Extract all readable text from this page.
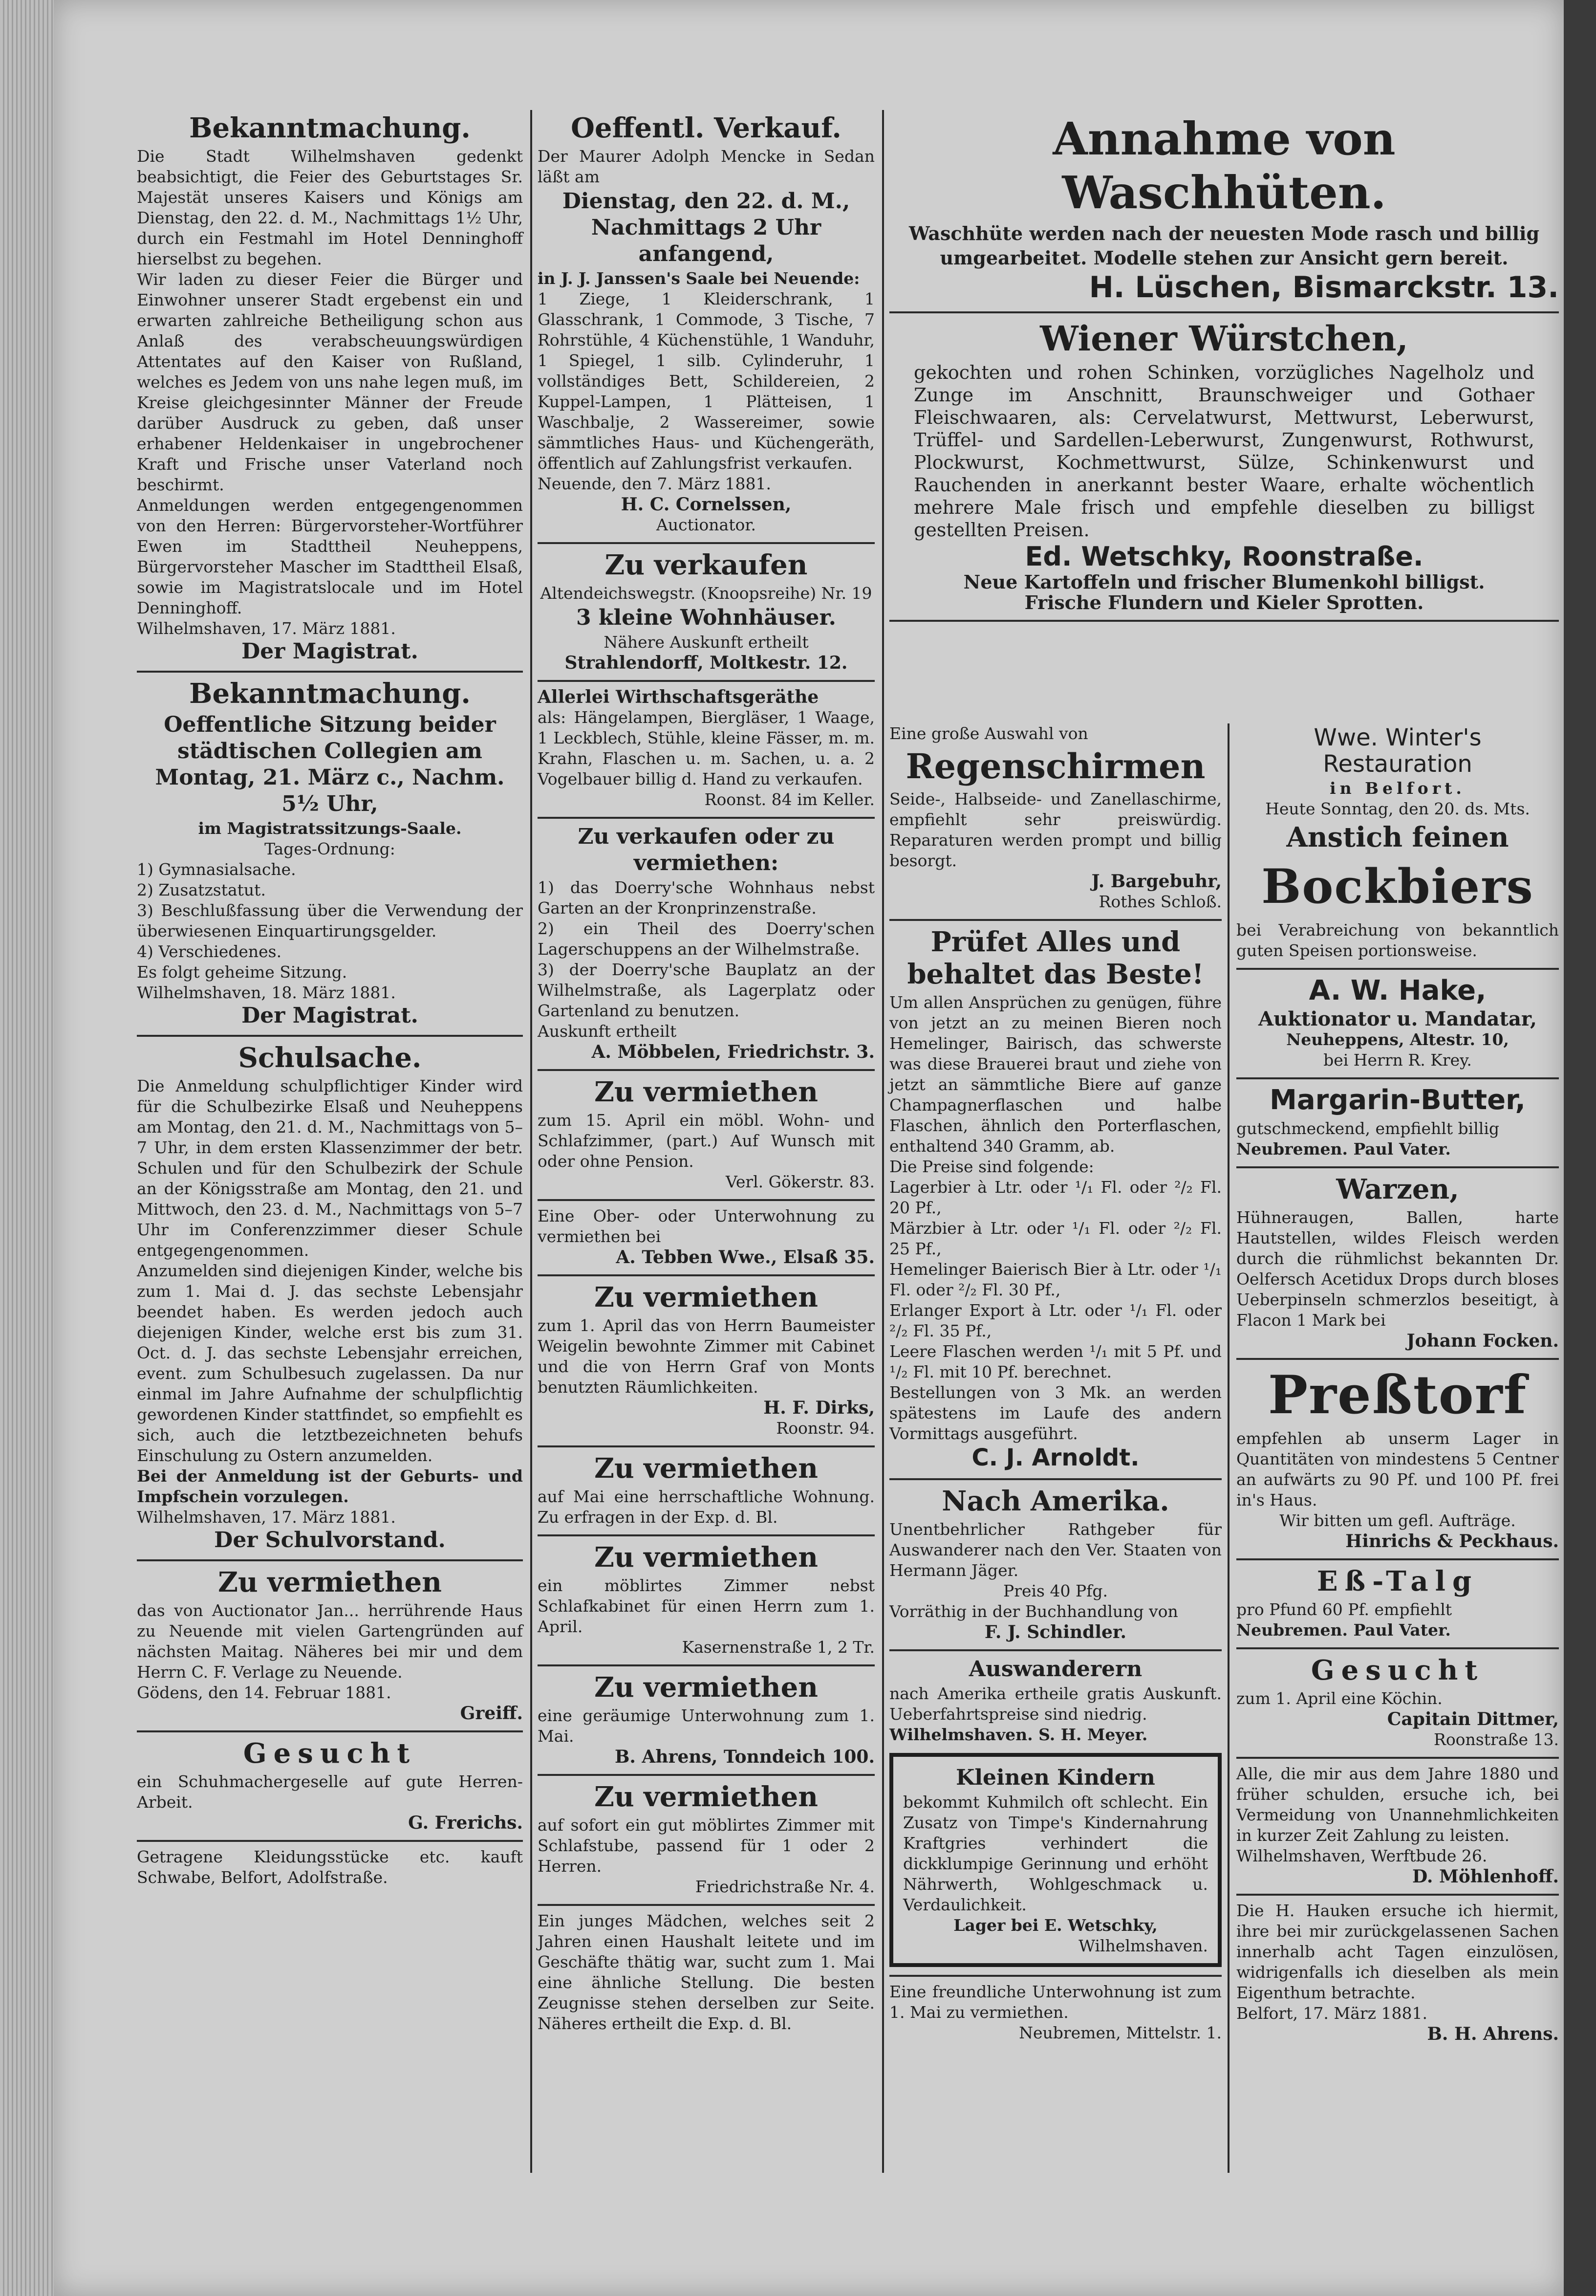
Bekanntmachung.

Die Stadt Wilhelmshaven gedenkt beabsichtigt, die Feier des Geburtstages Sr. Majestät unseres Kaisers und Königs am Dienstag, den 22. d. M., Nachmittags 1½ Uhr, durch ein Festmahl im Hotel Denninghoff hierselbst zu begehen.

Wir laden zu dieser Feier die Bürger und Einwohner unserer Stadt ergebenst ein und erwarten zahlreiche Betheiligung schon aus Anlaß des verabscheuungswürdigen Attentates auf den Kaiser von Rußland, welches es Jedem von uns nahe legen muß, im Kreise gleichgesinnter Männer der Freude darüber Ausdruck zu geben, daß unser erhabener Heldenkaiser in ungebrochener Kraft und Frische unser Vaterland noch beschirmt.

Anmeldungen werden entgegengenommen von den Herren: Bürgervorsteher-Wortführer Ewen im Stadttheil Neuheppens, Bürgervorsteher Mascher im Stadttheil Elsaß, sowie im Magistratslocale und im Hotel Denninghoff.

Wilhelmshaven, 17. März 1881.

Der Magistrat.

Bekanntmachung.
Oeffentliche Sitzung beider städtischen Collegien am Montag, 21. März c., Nachm. 5½ Uhr,

im Magistratssitzungs-Saale.

Tages-Ordnung:

1) Gymnasialsache.
2) Zusatzstatut.
3) Beschlußfassung über die Verwendung der überwiesenen Einquartirungsgelder.
4) Verschiedenes.

Es folgt geheime Sitzung.

Wilhelmshaven, 18. März 1881.

Der Magistrat.

Schulsache.

Die Anmeldung schulpflichtiger Kinder wird für die Schulbezirke Elsaß und Neuheppens am Montag, den 21. d. M., Nachmittags von 5–7 Uhr, in dem ersten Klassenzimmer der betr. Schulen und für den Schulbezirk der Schule an der Königsstraße am Montag, den 21. und Mittwoch, den 23. d. M., Nachmittags von 5–7 Uhr im Conferenzzimmer dieser Schule entgegengenommen.

Anzumelden sind diejenigen Kinder, welche bis zum 1. Mai d. J. das sechste Lebensjahr beendet haben. Es werden jedoch auch diejenigen Kinder, welche erst bis zum 31. Oct. d. J. das sechste Lebensjahr erreichen, event. zum Schulbesuch zugelassen. Da nur einmal im Jahre Aufnahme der schulpflichtig gewordenen Kinder stattfindet, so empfiehlt es sich, auch die letztbezeichneten behufs Einschulung zu Ostern anzumelden.

Bei der Anmeldung ist der Geburts- und Impfschein vorzulegen.

Wilhelmshaven, 17. März 1881.

Der Schulvorstand.

Zu vermiethen

das von Auctionator Jan... herrührende Haus zu Neuende mit vielen Gartengründen auf nächsten Maitag. Näheres bei mir und dem Herrn C. F. Verlage zu Neuende.

Gödens, den 14. Februar 1881.

Greiff.

Gesucht

ein Schuhmachergeselle auf gute Herren-Arbeit.

G. Frerichs.

Getragene Kleidungsstücke etc. kauft Schwabe, Belfort, Adolfstraße.

Oeffentl. Verkauf.

Der Maurer Adolph Mencke in Sedan läßt am

Dienstag, den 22. d. M., Nachmittags 2 Uhr anfangend,

in J. J. Janssen's Saale bei Neuende:

1 Ziege, 1 Kleiderschrank, 1 Glasschrank, 1 Commode, 3 Tische, 7 Rohrstühle, 4 Küchenstühle, 1 Wanduhr, 1 Spiegel, 1 silb. Cylinderuhr, 1 vollständiges Bett, Schildereien, 2 Kuppel-Lampen, 1 Plätteisen, 1 Waschbalje, 2 Wassereimer, sowie sämmtliches Haus- und Küchengeräth, öffentlich auf Zahlungsfrist verkaufen.

Neuende, den 7. März 1881.

H. C. Cornelssen,

Auctionator.

Zu verkaufen

Altendeichswegstr. (Knoopsreihe) Nr. 19

3 kleine Wohnhäuser.

Nähere Auskunft ertheilt

Strahlendorff, Moltkestr. 12.

Allerlei Wirthschaftsgeräthe

als: Hängelampen, Biergläser, 1 Waage, 1 Leckblech, Stühle, kleine Fässer, m. m. Krahn, Flaschen u. m. Sachen, u. a. 2 Vogelbauer billig d. Hand zu verkaufen.

Roonst. 84 im Keller.

Zu verkaufen oder zu vermiethen:
1) das Doerry'sche Wohnhaus nebst Garten an der Kronprinzenstraße.
2) ein Theil des Doerry'schen Lagerschuppens an der Wilhelmstraße.
3) der Doerry'sche Bauplatz an der Wilhelmstraße, als Lagerplatz oder Gartenland zu benutzen.

Auskunft ertheilt

A. Möbbelen, Friedrichstr. 3.

Zu vermiethen

zum 15. April ein möbl. Wohn- und Schlafzimmer, (part.) Auf Wunsch mit oder ohne Pension.

Verl. Gökerstr. 83.

Eine Ober- oder Unterwohnung zu vermiethen bei

A. Tebben Wwe., Elsaß 35.

Zu vermiethen

zum 1. April das von Herrn Baumeister Weigelin bewohnte Zimmer mit Cabinet und die von Herrn Graf von Monts benutzten Räumlichkeiten.

H. F. Dirks,

Roonstr. 94.

Zu vermiethen

auf Mai eine herrschaftliche Wohnung. Zu erfragen in der Exp. d. Bl.

Zu vermiethen

ein möblirtes Zimmer nebst Schlafkabinet für einen Herrn zum 1. April.

Kasernenstraße 1, 2 Tr.

Zu vermiethen

eine geräumige Unterwohnung zum 1. Mai.

B. Ahrens, Tonndeich 100.

Zu vermiethen

auf sofort ein gut möblirtes Zimmer mit Schlafstube, passend für 1 oder 2 Herren.

Friedrichstraße Nr. 4.

Ein junges Mädchen, welches seit 2 Jahren einen Haushalt leitete und im Geschäfte thätig war, sucht zum 1. Mai eine ähnliche Stellung. Die besten Zeugnisse stehen derselben zur Seite. Näheres ertheilt die Exp. d. Bl.

Annahme von Waschhüten.

Waschhüte werden nach der neuesten Mode rasch und billig umgearbeitet. Modelle stehen zur Ansicht gern bereit.

H. Lüschen, Bismarckstr. 13.

Wiener Würstchen,

gekochten und rohen Schinken, vorzügliches Nagelholz und Zunge im Anschnitt, Braunschweiger und Gothaer Fleischwaaren, als: Cervelatwurst, Mettwurst, Leberwurst, Trüffel- und Sardellen-Leberwurst, Zungenwurst, Rothwurst, Plockwurst, Kochmettwurst, Sülze, Schinkenwurst und Rauchenden in anerkannt bester Waare, erhalte wöchentlich mehrere Male frisch und empfehle dieselben zu billigst gestellten Preisen.

Ed. Wetschky, Roonstraße.

Neue Kartoffeln und frischer Blumenkohl billigst.

Frische Flundern und Kieler Sprotten.

Eine große Auswahl von

Regenschirmen

Seide-, Halbseide- und Zanellaschirme, empfiehlt sehr preiswürdig. Reparaturen werden prompt und billig besorgt.

J. Bargebuhr,

Rothes Schloß.

Prüfet Alles und behaltet das Beste!

Um allen Ansprüchen zu genügen, führe von jetzt an zu meinen Bieren noch Hemelinger, Bairisch, das schwerste was diese Brauerei braut und ziehe von jetzt an sämmtliche Biere auf ganze Champagnerflaschen und halbe Flaschen, ähnlich den Porterflaschen, enthaltend 340 Gramm, ab.

Die Preise sind folgende:

Lagerbier à Ltr. oder ¹/₁ Fl. oder ²/₂ Fl. 20 Pf.,
Märzbier à Ltr. oder ¹/₁ Fl. oder ²/₂ Fl. 25 Pf.,
Hemelinger Baierisch Bier à Ltr. oder ¹/₁ Fl. oder ²/₂ Fl. 30 Pf.,
Erlanger Export à Ltr. oder ¹/₁ Fl. oder ²/₂ Fl. 35 Pf.,
Leere Flaschen werden ¹/₁ mit 5 Pf. und ¹/₂ Fl. mit 10 Pf. berechnet.

Bestellungen von 3 Mk. an werden spätestens im Laufe des andern Vormittags ausgeführt.

C. J. Arnoldt.

Nach Amerika.

Unentbehrlicher Rathgeber für Auswanderer nach den Ver. Staaten von Hermann Jäger.

Preis 40 Pfg.

Vorräthig in der Buchhandlung von

F. J. Schindler.

Auswanderern

nach Amerika ertheile gratis Auskunft. Ueberfahrtspreise sind niedrig.

Wilhelmshaven. S. H. Meyer.

Kleinen Kindern

bekommt Kuhmilch oft schlecht. Ein Zusatz von Timpe's Kindernahrung Kraftgries verhindert die dickklumpige Gerinnung und erhöht Nährwerth, Wohlgeschmack u. Verdaulichkeit.

Lager bei E. Wetschky,

Wilhelmshaven.

Eine freundliche Unterwohnung ist zum 1. Mai zu vermiethen.

Neubremen, Mittelstr. 1.

Wwe. Winter's Restauration

in Belfort.

Heute Sonntag, den 20. ds. Mts.

Anstich feinen
Bockbiers

bei Verabreichung von bekanntlich guten Speisen portionsweise.

A. W. Hake,

Auktionator u. Mandatar,

Neuheppens, Altestr. 10,

bei Herrn R. Krey.

Margarin-Butter,

gutschmeckend, empfiehlt billig

Neubremen. Paul Vater.

Warzen,

Hühneraugen, Ballen, harte Hautstellen, wildes Fleisch werden durch die rühmlichst bekannten Dr. Oelfersch Acetidux Drops durch bloses Ueberpinseln schmerzlos beseitigt, à Flacon 1 Mark bei

Johann Focken.

Preßtorf

empfehlen ab unserm Lager in Quantitäten von mindestens 5 Centner an aufwärts zu 90 Pf. und 100 Pf. frei in's Haus.

Wir bitten um gefl. Aufträge.

Hinrichs & Peckhaus.

Eß-Talg

pro Pfund 60 Pf. empfiehlt

Neubremen. Paul Vater.

Gesucht

zum 1. April eine Köchin.

Capitain Dittmer,

Roonstraße 13.

Alle, die mir aus dem Jahre 1880 und früher schulden, ersuche ich, bei Vermeidung von Unannehmlichkeiten in kurzer Zeit Zahlung zu leisten.

Wilhelmshaven, Werftbude 26.

D. Möhlenhoff.

Die H. Hauken ersuche ich hiermit, ihre bei mir zurückgelassenen Sachen innerhalb acht Tagen einzulösen, widrigenfalls ich dieselben als mein Eigenthum betrachte.

Belfort, 17. März 1881.

B. H. Ahrens.
